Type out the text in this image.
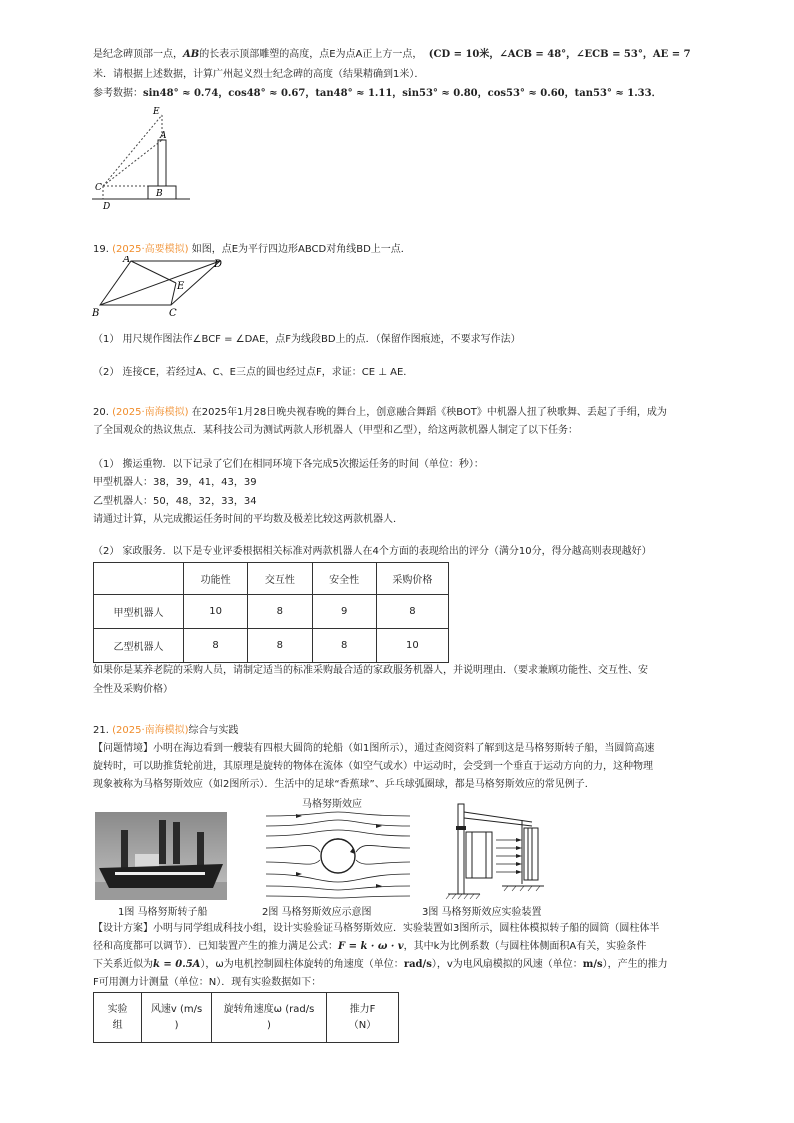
是纪念碑顶部一点，AB的长表示顶部雕塑的高度，点E为点A正上方一点， (CD = 10米，∠ACB = 48°，∠ECB = 53°，AE = 7
米．请根据上述数据，计算广州起义烈士纪念碑的高度（结果精确到1米）．
参考数据：sin48° ≈ 0.74，cos48° ≈ 0.67，tan48° ≈ 1.11，sin53° ≈ 0.80，cos53° ≈ 0.60，tan53° ≈ 1.33．
E
A
C
B
D
19. (2025·高要模拟) 如图，点E为平行四边形ABCD对角线BD上一点．
A	D
E
B	C
（1） 用尺规作图法作∠BCF = ∠DAE，点F为线段BD上的点．（保留作图痕迹，不要求写作法）
（2） 连接CE，若经过A、C、E三点的圆也经过点F，求证：CE ⊥ AE．
20. (2025·南海模拟) 在2025年1月28日晚央视春晚的舞台上，创意融合舞蹈《秧BOT》中机器人扭了秧歌舞、丢起了手绢，成为
了全国观众的热议焦点．某科技公司为测试两款人形机器人（甲型和乙型），给这两款机器人制定了以下任务：
（1） 搬运重物．以下记录了它们在相同环境下各完成5次搬运任务的时间（单位：秒）：
甲型机器人：38，39，41，43，39
乙型机器人：50，48，32，33，34
请通过计算，从完成搬运任务时间的平均数及极差比较这两款机器人．
（2） 家政服务．以下是专业评委根据相关标准对两款机器人在4个方面的表现给出的评分（满分10分，得分越高则表现越好）
	功能性	交互性	安全性	采购价格
甲型机器人	10	8	9	8
乙型机器人	8	8	8	10
如果你是某养老院的采购人员，请制定适当的标准采购最合适的家政服务机器人，并说明理由．（要求兼顾功能性、交互性、安
全性及采购价格）
21. (2025·南海模拟)综合与实践
【问题情境】小明在海边看到一艘装有四根大圆筒的轮船（如1图所示），通过查阅资料了解到这是马格努斯转子船，当圆筒高速
旋转时，可以助推货轮前进，其原理是旋转的物体在流体（如空气或水）中运动时，会受到一个垂直于运动方向的力，这种物理
现象被称为马格努斯效应（如2图所示）．生活中的足球“香蕉球”、乒乓球弧圈球，都是马格努斯效应的常见例子．
马格努斯效应
1图 马格努斯转子船	2图 马格努斯效应示意图	3图 马格努斯效应实验装置
【设计方案】小明与同学组成科技小组，设计实验验证马格努斯效应．实验装置如3图所示，圆柱体模拟转子船的圆筒（圆柱体半
径和高度都可以调节）．已知装置产生的推力满足公式：F = k · ω · v，其中k为比例系数（与圆柱体侧面积A有关，实验条件
下关系近似为k = 0.5A），ω为电机控制圆柱体旋转的角速度（单位：rad/s），v为电风扇模拟的风速（单位：m/s），产生的推力
F可用测力计测量（单位：N）．现有实验数据如下：
实验
组	风速v (m/s
)	旋转角速度ω (rad/s
)	推力F
（N）
